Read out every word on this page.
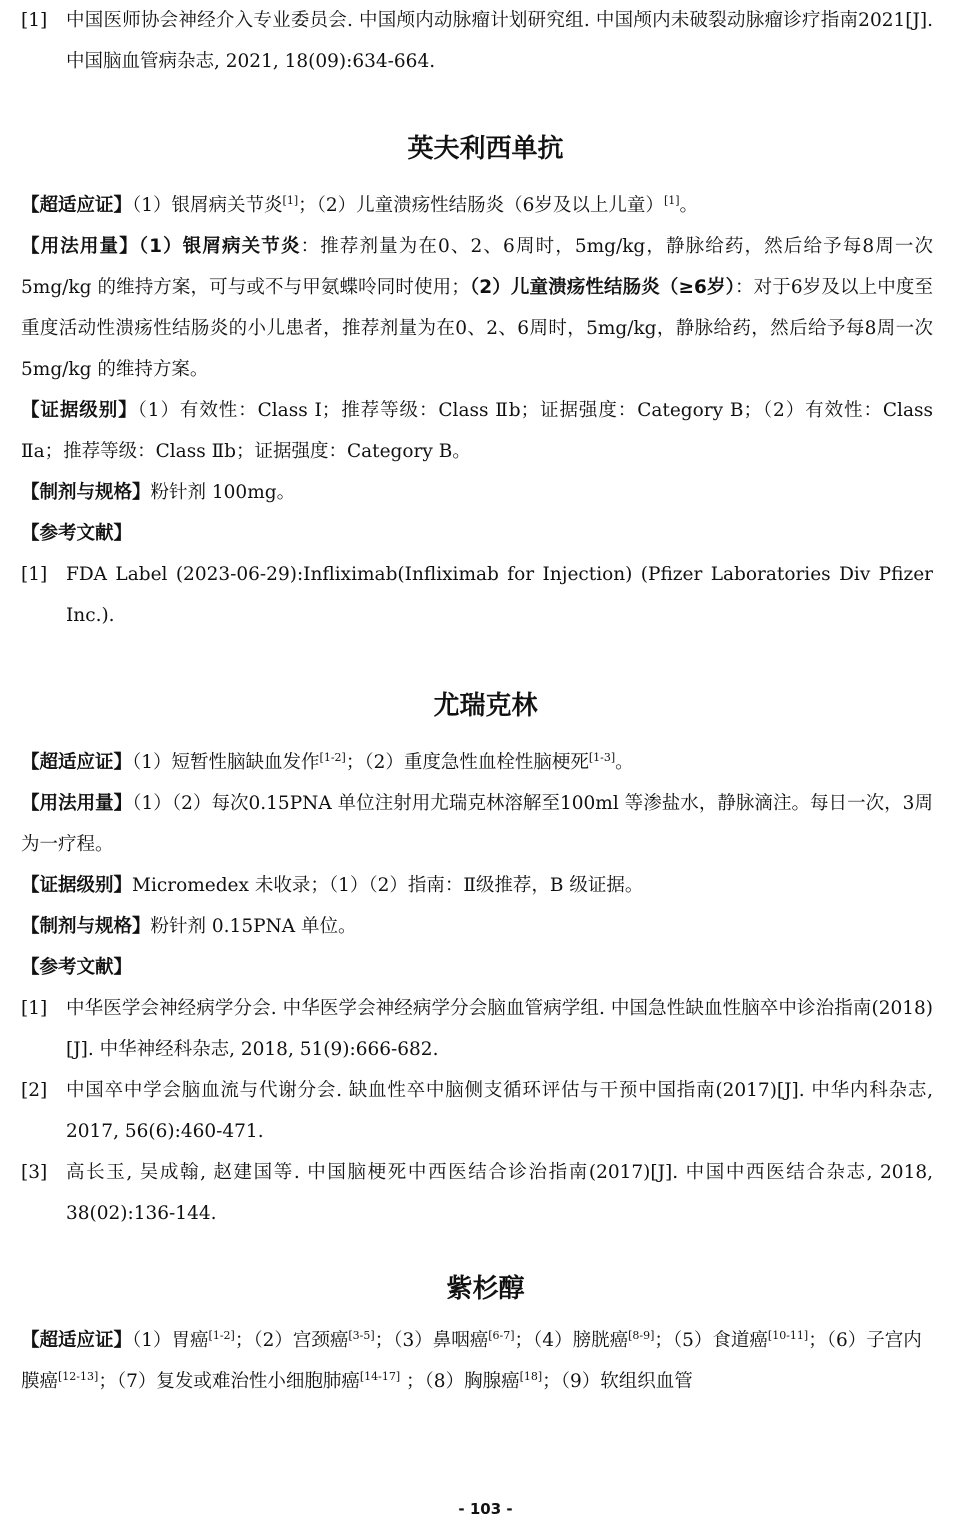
[1]	中国医师协会神经介入专业委员会. 中国颅内动脉瘤计划研究组. 中国颅内未破裂动脉瘤诊疗指南2021[J]. 中国脑血管病杂志, 2021, 18(09):634-664.
英夫利西单抗

【超适应证】（1）银屑病关节炎[1]；（2）儿童溃疡性结肠炎（6岁及以上儿童）[1]。

【用法用量】（1）银屑病关节炎：推荐剂量为在0、2、6周时，5mg/kg，静脉给药，然后给予每8周一次5mg/kg 的维持方案，可与或不与甲氨蝶呤同时使用；（2）儿童溃疡性结肠炎（≥6岁）：对于6岁及以上中度至重度活动性溃疡性结肠炎的小儿患者，推荐剂量为在0、2、6周时，5mg/kg，静脉给药，然后给予每8周一次5mg/kg 的维持方案。

【证据级别】（1）有效性：Class I；推荐等级：Class Ⅱb；证据强度：Category B；（2）有效性：Class Ⅱa；推荐等级：Class Ⅱb；证据强度：Category B。

【制剂与规格】粉针剂 100mg。

【参考文献】

[1]	FDA Label (2023-06-29):Infliximab(Infliximab for Injection) (Pfizer Laboratories Div Pfizer Inc.).
尤瑞克林

【超适应证】（1）短暂性脑缺血发作[1-2]；（2）重度急性血栓性脑梗死[1-3]。

【用法用量】（1）（2）每次0.15PNA 单位注射用尤瑞克林溶解至100ml 等渗盐水，静脉滴注。每日一次，3周为一疗程。

【证据级别】Micromedex 未收录；（1）（2）指南：Ⅱ级推荐，B 级证据。

【制剂与规格】粉针剂 0.15PNA 单位。

【参考文献】

[1]	中华医学会神经病学分会. 中华医学会神经病学分会脑血管病学组. 中国急性缺血性脑卒中诊治指南(2018)[J]. 中华神经科杂志, 2018, 51(9):666-682.
[2]	中国卒中学会脑血流与代谢分会. 缺血性卒中脑侧支循环评估与干预中国指南(2017)[J]. 中华内科杂志, 2017, 56(6):460-471.
[3]	高长玉, 吴成翰, 赵建国等. 中国脑梗死中西医结合诊治指南(2017)[J]. 中国中西医结合杂志, 2018, 38(02):136-144.
紫杉醇

【超适应证】（1）胃癌[1-2]；（2）宫颈癌[3-5]；（3）鼻咽癌[6-7]；（4）膀胱癌[8-9]；（5）食道癌[10-11]；（6）子宫内膜癌[12-13]；（7）复发或难治性小细胞肺癌[14-17] ；（8）胸腺癌[18]；（9）软组织血管

- 103 -
